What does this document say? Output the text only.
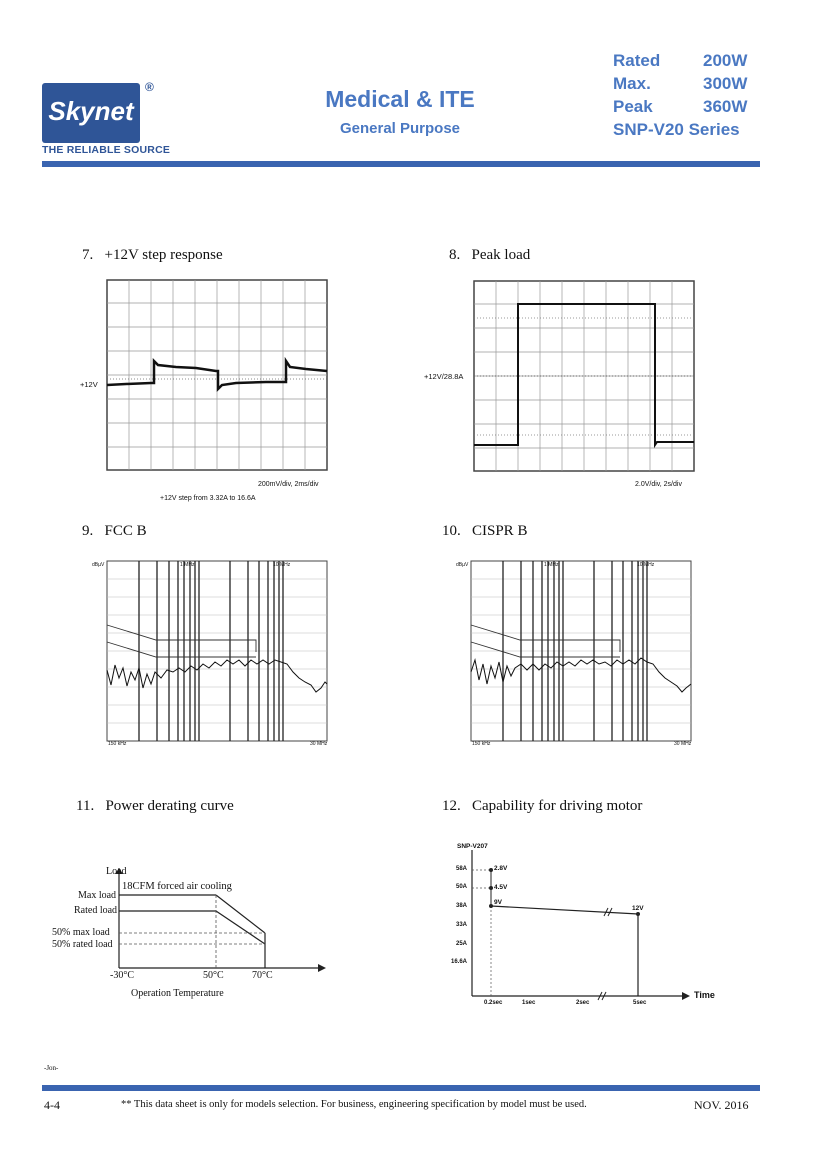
Skynet
®
THE RELIABLE SOURCE
Medical & ITE
General Purpose
Rated	200W
Max.	300W
Peak	360W
SNP-V20 Series
7. +12V step response
+12V
200mV/div, 2ms/div
+12V step from 3.32A to 16.6A
8. Peak load
+12V/28.8A
2.0V/div, 2s/div
9. FCC B
dBµV	1 MHz	10 MHz
150 kHz	30 MHz
10. CISPR B
dBµV	1 MHz	10 MHz
150 kHz	30 MHz
11. Power derating curve
Load
18CFM forced air cooling
Max load
Rated load
50% max load
50% rated load
-30°C	50°C	70°C
Operation Temperature
12. Capability for driving motor
SNP-V207
58A
50A
38A
33A
25A
16.6A
2.8V
4.5V
9V
12V
0.2sec	1sec	2sec	5sec
Time
-Jon-
4-4	** This data sheet is only for models selection. For business, engineering specification by model must be used.	NOV. 2016
